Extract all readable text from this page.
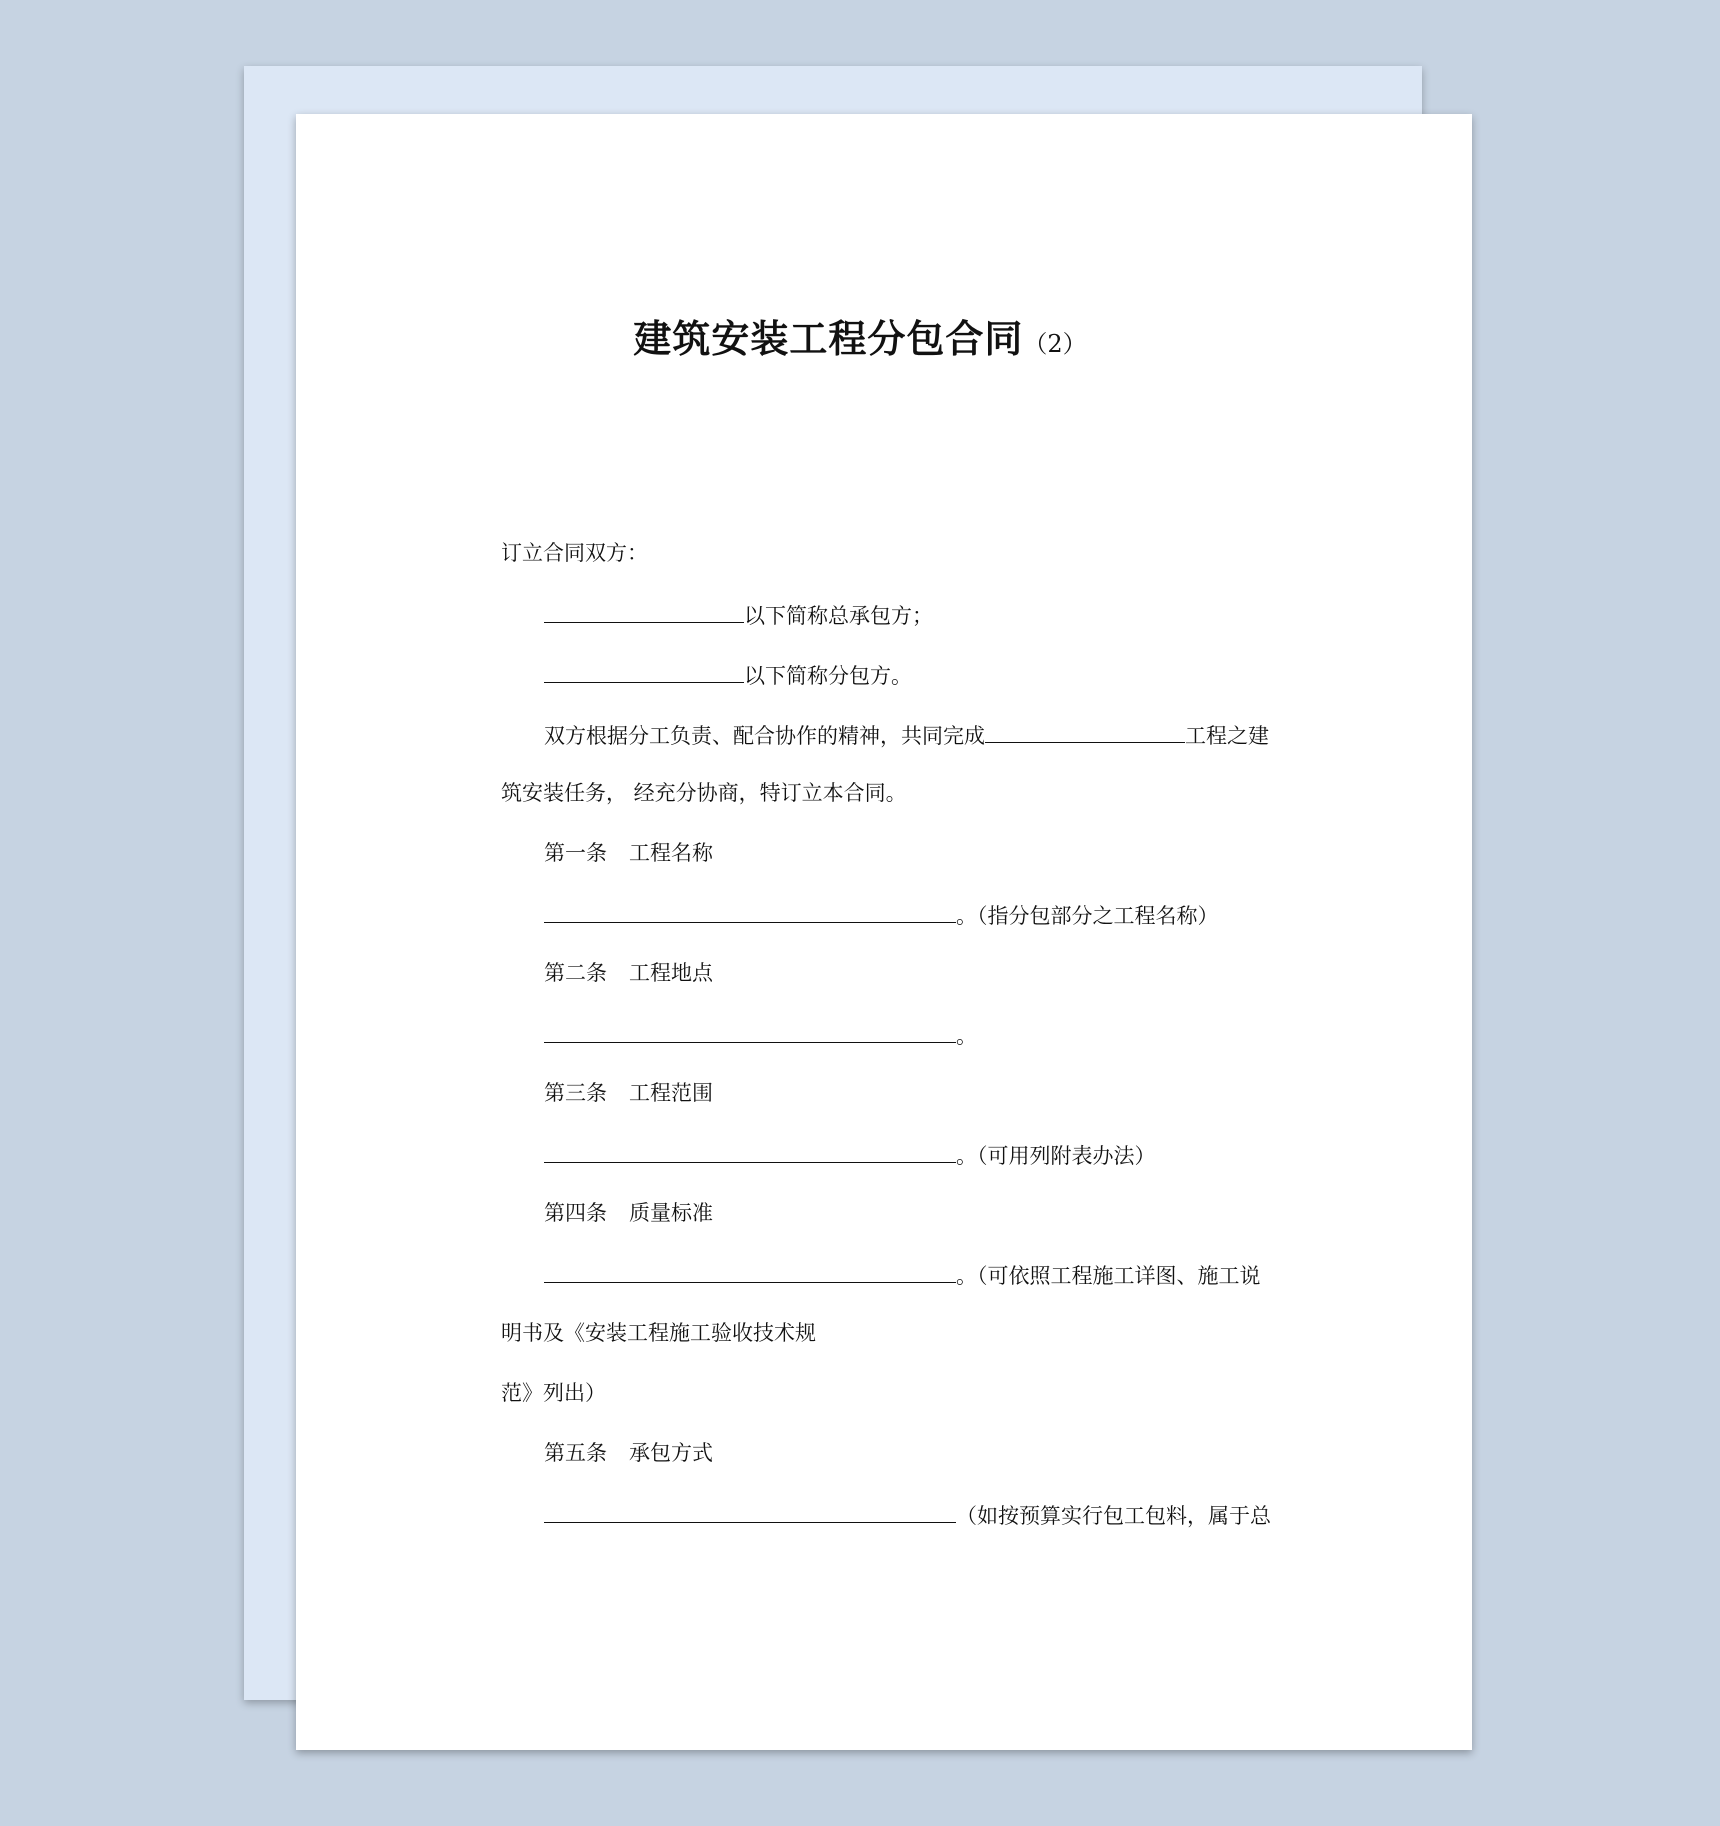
建筑安装工程分包合同（2）
订立合同双方：
以下简称总承包方；
以下简称分包方。
双方根据分工负责、配合协作的精神，共同完成	工程之建
筑安装任务， 经充分协商，特订立本合同。
第一条 工程名称
。（指分包部分之工程名称）
第二条 工程地点
。
第三条 工程范围
。（可用列附表办法）
第四条 质量标准
。（可依照工程施工详图、施工说
明书及《安装工程施工验收技术规
范》列出）
第五条 承包方式
（如按预算实行包工包料，属于总
